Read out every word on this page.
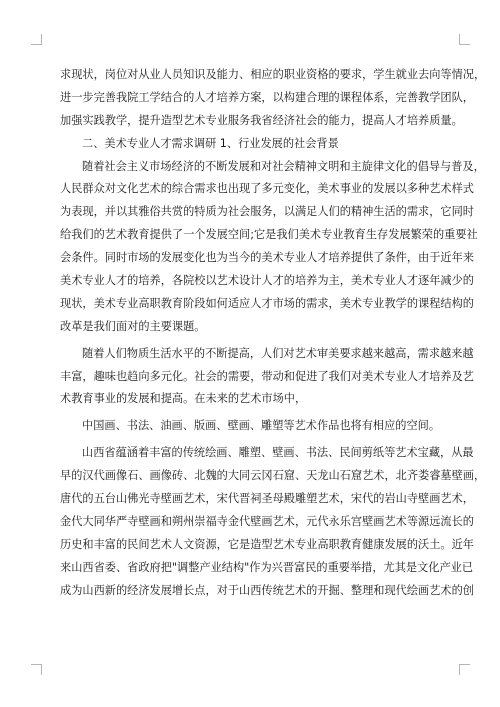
求现状，岗位对从业人员知识及能力、相应的职业资格的要求，学生就业去向等情况，
进一步完善我院工学结合的人才培养方案，以构建合理的课程体系，完善教学团队，
加强实践教学，提升造型艺术专业服务我省经济社会的能力，提高人才培养质量。
二、美术专业人才需求调研 1、行业发展的社会背景
随着社会主义市场经济的不断发展和对社会精神文明和主旋律文化的倡导与普及，
人民群众对文化艺术的综合需求也出现了多元变化，美术事业的发展以多种艺术样式
为表现，并以其雅俗共赏的特质为社会服务，以满足人们的精神生活的需求，它同时
给我们的艺术教育提供了一个发展空间;它是我们美术专业教育生存发展繁荣的重要社
会条件。同时市场的发展变化也为当今的美术专业人才培养提供了条件，由于近年来
美术专业人才的培养，各院校以艺术设计人才的培养为主，美术专业人才逐年减少的
现状，美术专业高职教育阶段如何适应人才市场的需求，美术专业教学的课程结构的
改革是我们面对的主要课题。
随着人们物质生活水平的不断提高，人们对艺术审美要求越来越高，需求越来越
丰富，趣味也趋向多元化。社会的需要，带动和促进了我们对美术专业人才培养及艺
术教育事业的发展和提高。在未来的艺术市场中，
中国画、书法、油画、版画、壁画、雕塑等艺术作品也将有相应的空间。
山西省蕴涵着丰富的传统绘画、雕塑、壁画、书法、民间剪纸等艺术宝藏，从最
早的汉代画像石、画像砖、北魏的大同云冈石窟、天龙山石窟艺术，北齐娄睿墓壁画，
唐代的五台山佛光寺壁画艺术，宋代晋祠圣母殿雕塑艺术，宋代的岩山寺壁画艺术，
金代大同华严寺壁画和朔州崇福寺金代壁画艺术，元代永乐宫壁画艺术等源远流长的
历史和丰富的民间艺术人文资源，它是造型艺术专业高职教育健康发展的沃土。近年
来山西省委、省政府把"调整产业结构"作为兴晋富民的重要举措，尤其是文化产业已
成为山西新的经济发展增长点，对于山西传统艺术的开掘、整理和现代绘画艺术的创
